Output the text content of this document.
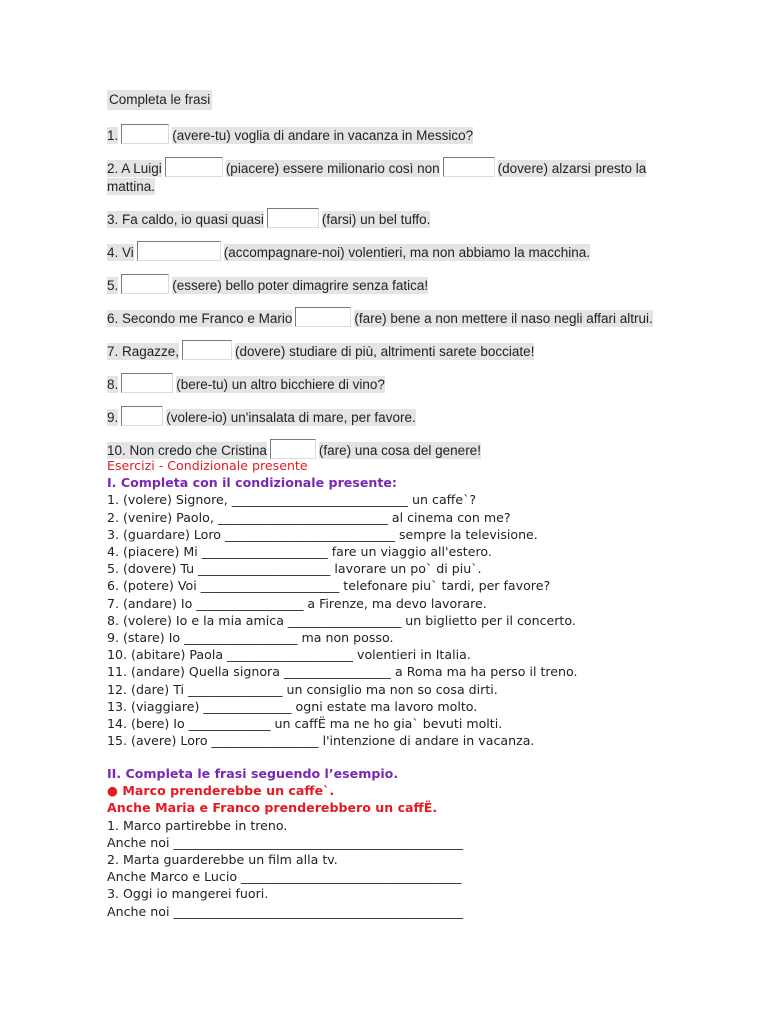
Completa le frasi
1.	(avere-tu) voglia di andare in vacanza in Messico?
2. A Luigi	(piacere) essere milionario così non	(dovere) alzarsi presto la mattina.
3. Fa caldo, io quasi quasi	(farsi) un bel tuffo.
4. Vi	(accompagnare-noi) volentieri, ma non abbiamo la macchina.
5.	(essere) bello poter dimagrire senza fatica!
6. Secondo me Franco e Mario	(fare) bene a non mettere il naso negli affari altrui.
7. Ragazze,	(dovere) studiare di più, altrimenti sarete bocciate!
8.	(bere-tu) un altro bicchiere di vino?
9.	(volere-io) un'insalata di mare, per favore.
10. Non credo che Cristina	(fare) una cosa del genere!
Esercizi - Condizionale presente
I. Completa con il condizionale presente:
1. (volere) Signore, ____________________________ un caffe`?
2. (venire) Paolo, ___________________________ al cinema con me?
3. (guardare) Loro ___________________________ sempre la televisione.
4. (piacere) Mi ____________________ fare un viaggio all'estero.
5. (dovere) Tu _____________________ lavorare un po` di piu`.
6. (potere) Voi ______________________ telefonare piu` tardi, per favore?
7. (andare) Io _________________ a Firenze, ma devo lavorare.
8. (volere) Io e la mia amica __________________ un biglietto per il concerto.
9. (stare) Io __________________ ma non posso.
10. (abitare) Paola ____________________ volentieri in Italia.
11. (andare) Quella signora _________________ a Roma ma ha perso il treno.
12. (dare) Ti _______________ un consiglio ma non so cosa dirti.
13. (viaggiare) ______________ ogni estate ma lavoro molto.
14. (bere) Io _____________ un caffË ma ne ho gia` bevuti molti.
15. (avere) Loro _________________ l'intenzione di andare in vacanza.
II. Completa le frasi seguendo l’esempio.
● Marco prenderebbe un caffe`.
Anche Maria e Franco prenderebbero un caffË.
1. Marco partirebbe in treno.
Anche noi ______________________________________________
2. Marta guarderebbe un film alla tv.
Anche Marco e Lucio ___________________________________
3. Oggi io mangerei fuori.
Anche noi ______________________________________________
